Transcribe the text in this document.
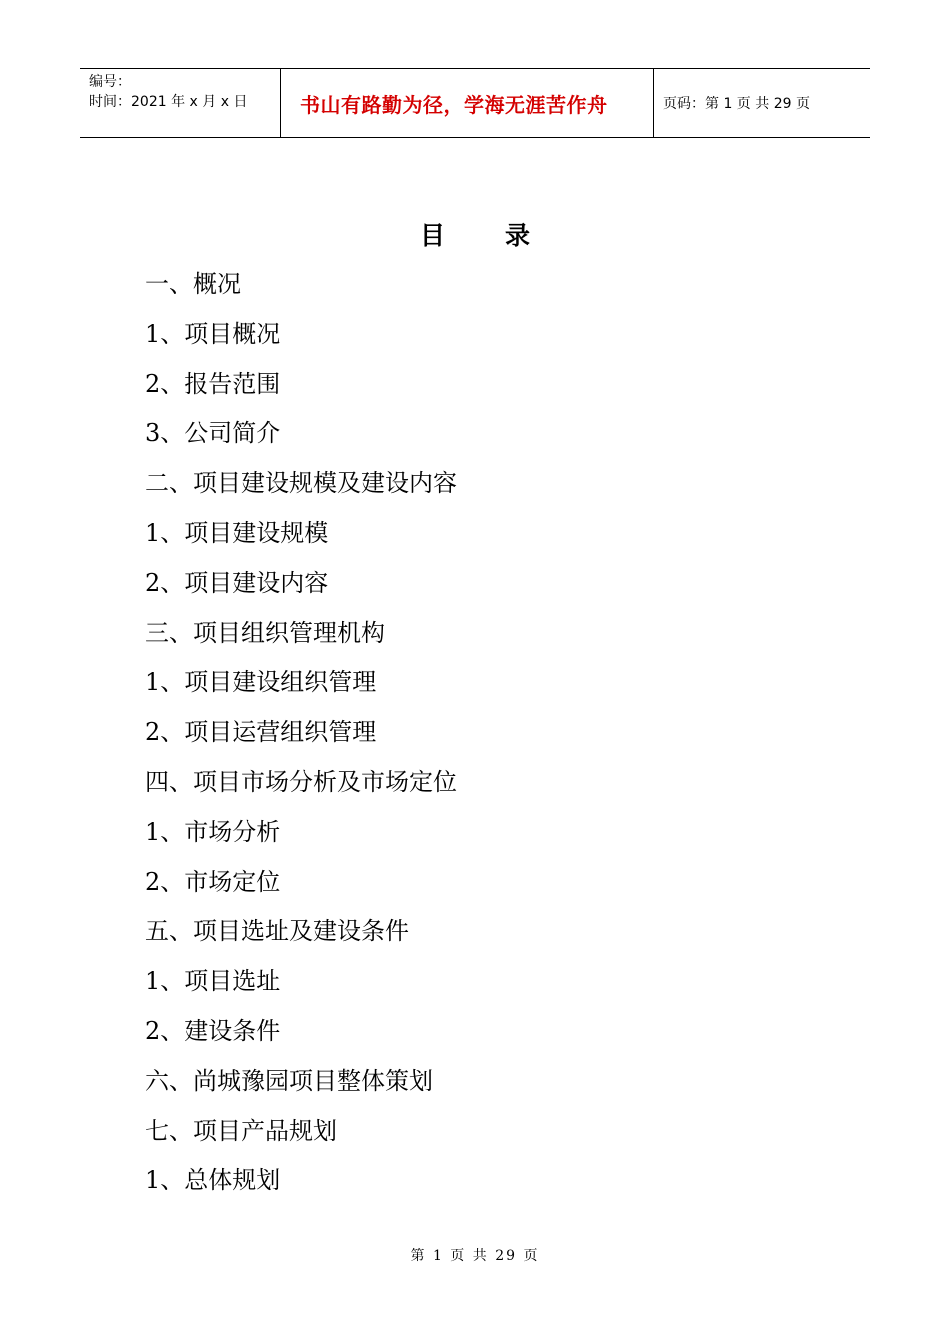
编号：
时间：2021 年 x 月 x 日	书山有路勤为径，学海无涯苦作舟	页码：第 1 页 共 29 页
目录
一、概况
1、项目概况
2、报告范围
3、公司简介
二、项目建设规模及建设内容
1、项目建设规模
2、项目建设内容
三、项目组织管理机构
1、项目建设组织管理
2、项目运营组织管理
四、项目市场分析及市场定位
1、市场分析
2、市场定位
五、项目选址及建设条件
1、项目选址
2、建设条件
六、尚城豫园项目整体策划
七、项目产品规划
1、总体规划
第 1 页 共 29 页
